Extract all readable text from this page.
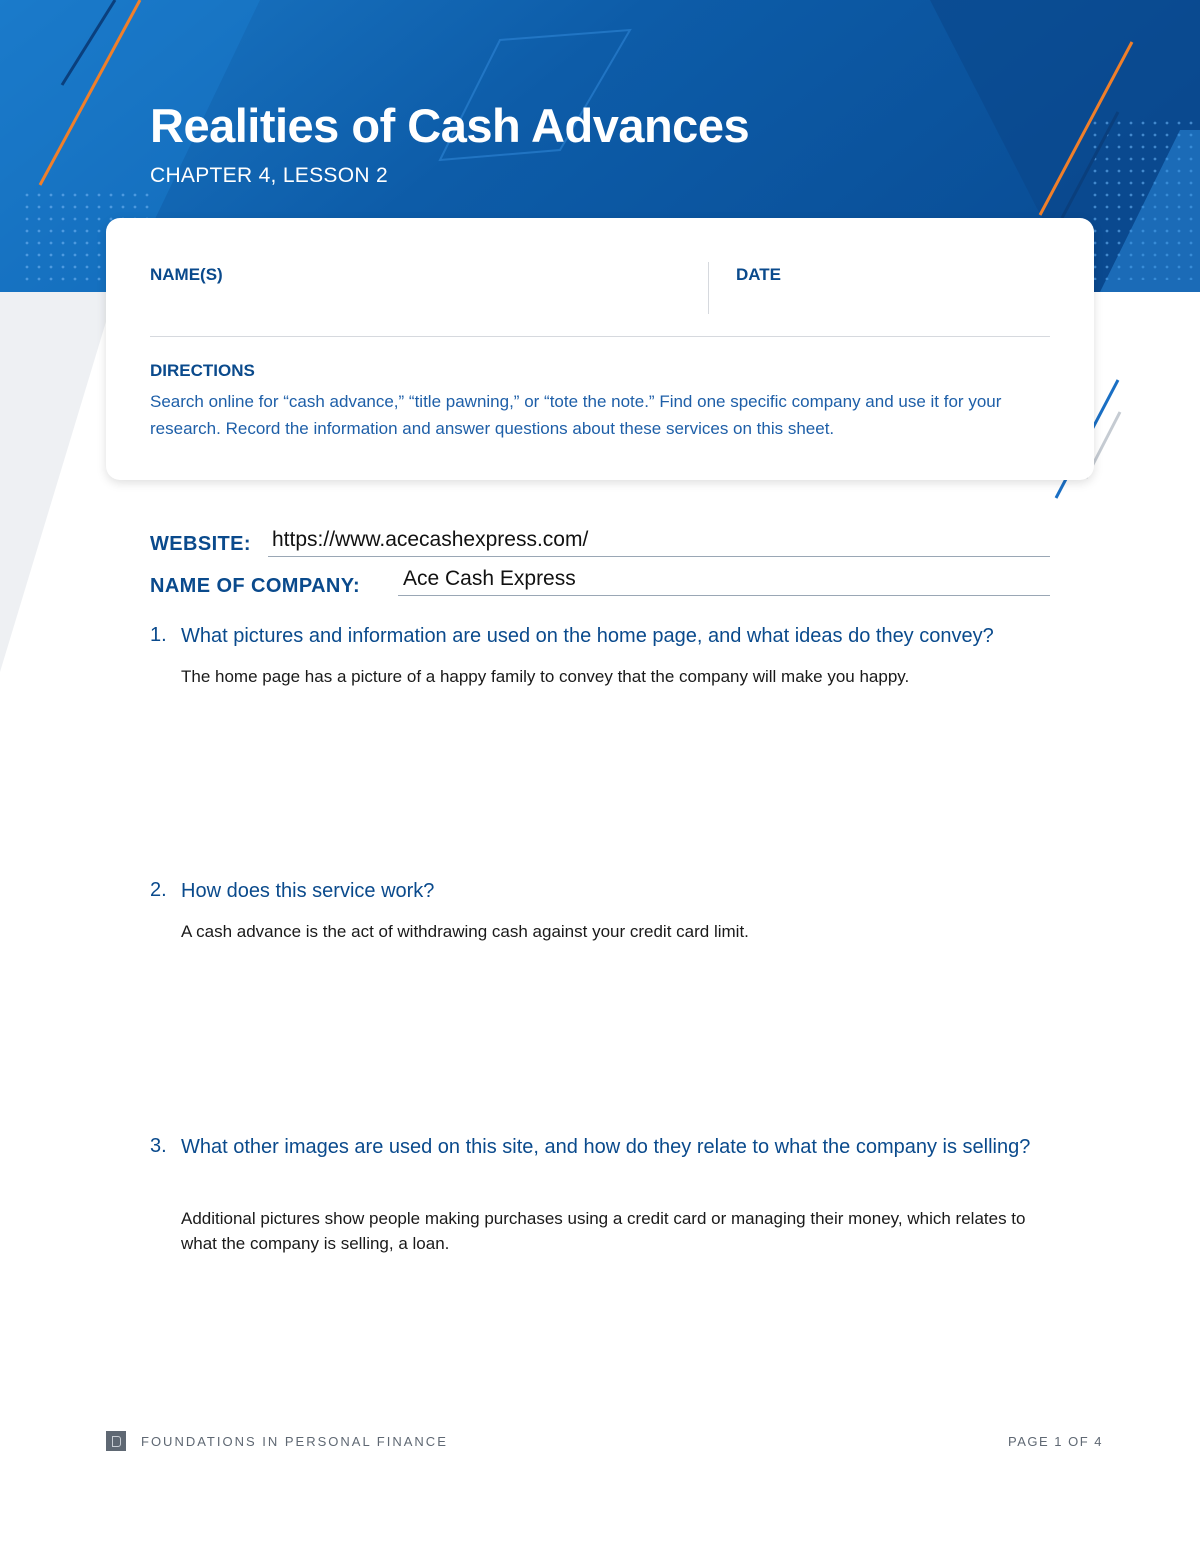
Realities of Cash Advances
CHAPTER 4, LESSON 2
NAME(S)	DATE
DIRECTIONS
Search online for “cash advance,” “title pawning,” or “tote the note.” Find one specific company and use it for your research. Record the information and answer questions about these services on this sheet.
WEBSITE: https://www.acecashexpress.com/
NAME OF COMPANY: Ace Cash Express
1. What pictures and information are used on the home page, and what ideas do they convey?
The home page has a picture of a happy family to convey that the company will make you happy.
2. How does this service work?
A cash advance is the act of withdrawing cash against your credit card limit.
3. What other images are used on this site, and how do they relate to what the company is selling?
Additional pictures show people making purchases using a credit card or managing their money, which relates to what the company is selling, a loan.
FOUNDATIONS IN PERSONAL FINANCE	PAGE 1 OF 4
